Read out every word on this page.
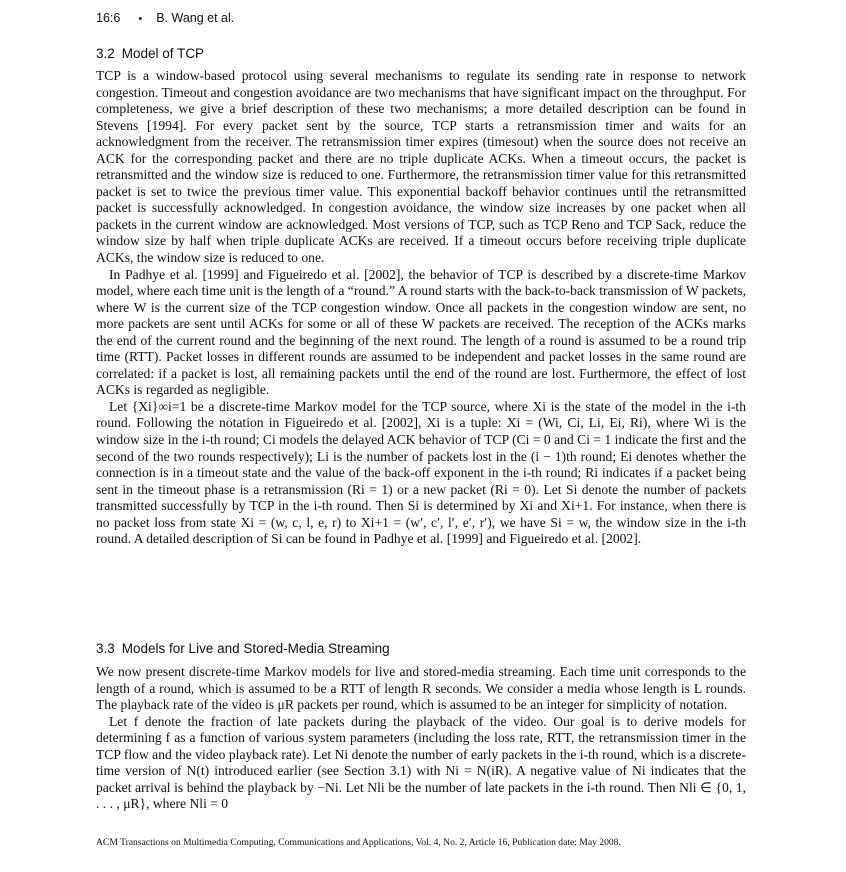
16:6 • B. Wang et al.
3.2 Model of TCP

TCP is a window-based protocol using several mechanisms to regulate its sending rate in response to network congestion. Timeout and congestion avoidance are two mechanisms that have significant impact on the throughput. For completeness, we give a brief description of these two mechanisms; a more detailed description can be found in Stevens [1994]. For every packet sent by the source, TCP starts a retransmission timer and waits for an acknowledgment from the receiver. The retransmission timer expires (timesout) when the source does not receive an ACK for the corresponding packet and there are no triple duplicate ACKs. When a timeout occurs, the packet is retransmitted and the window size is reduced to one. Furthermore, the retransmission timer value for this retransmitted packet is set to twice the previous timer value. This exponential backoff behavior continues until the retransmitted packet is successfully acknowledged. In congestion avoidance, the window size increases by one packet when all packets in the current window are acknowledged. Most versions of TCP, such as TCP Reno and TCP Sack, reduce the window size by half when triple duplicate ACKs are received. If a timeout occurs before receiving triple duplicate ACKs, the window size is reduced to one.

In Padhye et al. [1999] and Figueiredo et al. [2002], the behavior of TCP is described by a discrete-time Markov model, where each time unit is the length of a “round.” A round starts with the back-to-back transmission of W packets, where W is the current size of the TCP congestion window. Once all packets in the congestion window are sent, no more packets are sent until ACKs for some or all of these W packets are received. The reception of the ACKs marks the end of the current round and the beginning of the next round. The length of a round is assumed to be a round trip time (RTT). Packet losses in different rounds are assumed to be independent and packet losses in the same round are correlated: if a packet is lost, all remaining packets until the end of the round are lost. Furthermore, the effect of lost ACKs is regarded as negligible.

Let {Xi}∞i=1 be a discrete-time Markov model for the TCP source, where Xi is the state of the model in the i-th round. Following the notation in Figueiredo et al. [2002], Xi is a tuple: Xi = (Wi, Ci, Li, Ei, Ri), where Wi is the window size in the i-th round; Ci models the delayed ACK behavior of TCP (Ci = 0 and Ci = 1 indicate the first and the second of the two rounds respectively); Li is the number of packets lost in the (i − 1)th round; Ei denotes whether the connection is in a timeout state and the value of the back-off exponent in the i-th round; Ri indicates if a packet being sent in the timeout phase is a retransmission (Ri = 1) or a new packet (Ri = 0). Let Si denote the number of packets transmitted successfully by TCP in the i-th round. Then Si is determined by Xi and Xi+1. For instance, when there is no packet loss from state Xi = (w, c, l, e, r) to Xi+1 = (w′, c′, l′, e′, r′), we have Si = w, the window size in the i-th round. A detailed description of Si can be found in Padhye et al. [1999] and Figueiredo et al. [2002].

3.3 Models for Live and Stored-Media Streaming

We now present discrete-time Markov models for live and stored-media streaming. Each time unit corresponds to the length of a round, which is assumed to be a RTT of length R seconds. We consider a media whose length is L rounds. The playback rate of the video is μR packets per round, which is assumed to be an integer for simplicity of notation.

Let f denote the fraction of late packets during the playback of the video. Our goal is to derive models for determining f as a function of various system parameters (including the loss rate, RTT, the retransmission timer in the TCP flow and the video playback rate). Let Ni denote the number of early packets in the i-th round, which is a discrete-time version of N(t) introduced earlier (see Section 3.1) with Ni = N(iR). A negative value of Ni indicates that the packet arrival is behind the playback by −Ni. Let Nli be the number of late packets in the i-th round. Then Nli ∈ {0, 1, . . . , μR}, where Nli = 0

ACM Transactions on Multimedia Computing, Communications and Applications, Vol. 4, No. 2, Article 16, Publication date: May 2008.
